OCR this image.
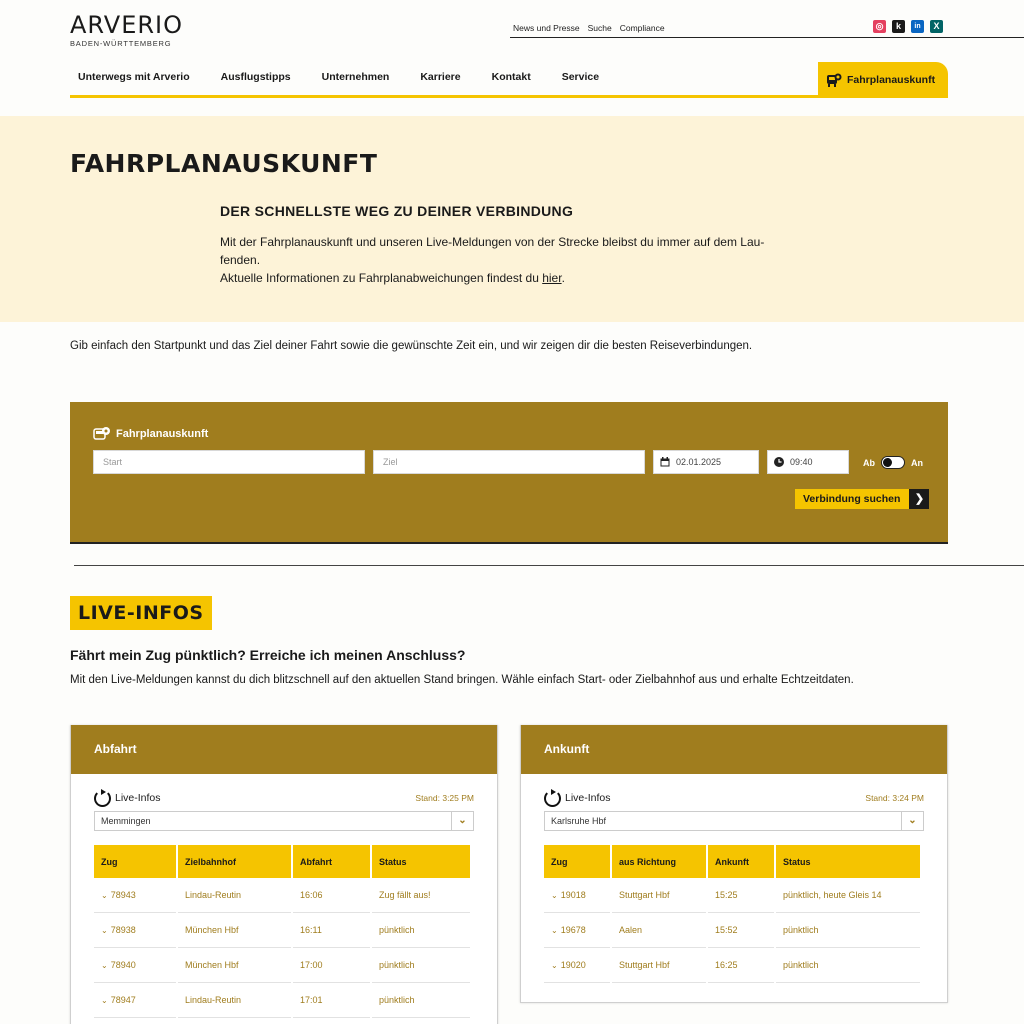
ARVERIO
BADEN-WÜRTTEMBERG
News und Presse Suche Compliance	◎	k	in	X
Unterwegs mit Arverio	Ausflugstipps	Unternehmen	Karriere	Kontakt	Service	Fahrplanauskunft
FAHRPLANAUSKUNFT
DER SCHNELLSTE WEG ZU DEINER VERBINDUNG

Mit der Fahrplanauskunft und unseren Live-Meldungen von der Strecke bleibst du immer auf dem Laufenden.
Aktuelle Informationen zu Fahrplanabweichungen findest du hier.

Gib einfach den Startpunkt und das Ziel deiner Fahrt sowie die gewünschte Zeit ein, und wir zeigen dir die besten Reiseverbindungen.
Fahrplanauskunft
Start	Ziel	02.01.2025	09:40	Ab	An
Verbindung suchen	❯
LIVE-INFOS
Fährt mein Zug pünktlich? Erreiche ich meinen Anschluss?
Mit den Live-Meldungen kannst du dich blitzschnell auf den aktuellen Stand bringen. Wähle einfach Start- oder Zielbahnhof aus und erhalte Echtzeitdaten.
Abfahrt
Live-Infos	Stand: 3:25 PM
Memmingen	⌄
Zug	Zielbahnhof	Abfahrt	Status
⌄ 78943	Lindau-Reutin	16:06	Zug fällt aus!
⌄ 78938	München Hbf	16:11	pünktlich
⌄ 78940	München Hbf	17:00	pünktlich
⌄ 78947	Lindau-Reutin	17:01	pünktlich
Ankunft
Live-Infos	Stand: 3:24 PM
Karlsruhe Hbf	⌄
Zug	aus Richtung	Ankunft	Status
⌄ 19018	Stuttgart Hbf	15:25	pünktlich, heute Gleis 14
⌄ 19678	Aalen	15:52	pünktlich
⌄ 19020	Stuttgart Hbf	16:25	pünktlich
